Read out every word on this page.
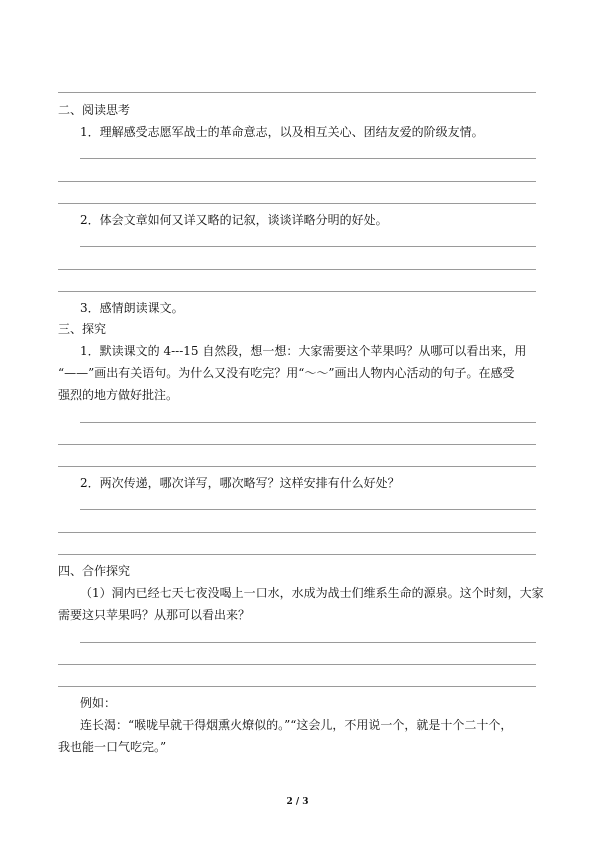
二、阅读思考
1．理解感受志愿军战士的革命意志，以及相互关心、团结友爱的阶级友情。
2．体会文章如何又详又略的记叙，谈谈详略分明的好处。
3．感情朗读课文。
三、探究
1．默读课文的 4---15 自然段，想一想：大家需要这个苹果吗？从哪可以看出来，用
“——”画出有关语句。为什么又没有吃完？用“～～”画出人物内心活动的句子。在感受
强烈的地方做好批注。
2．两次传递，哪次详写，哪次略写？这样安排有什么好处？
四、合作探究
（1）洞内已经七天七夜没喝上一口水，水成为战士们维系生命的源泉。这个时刻，大家
需要这只苹果吗？从那可以看出来？
例如：
连长渴：“喉咙早就干得烟熏火燎似的。”“这会儿，不用说一个，就是十个二十个，
我也能一口气吃完。”
2 / 3
